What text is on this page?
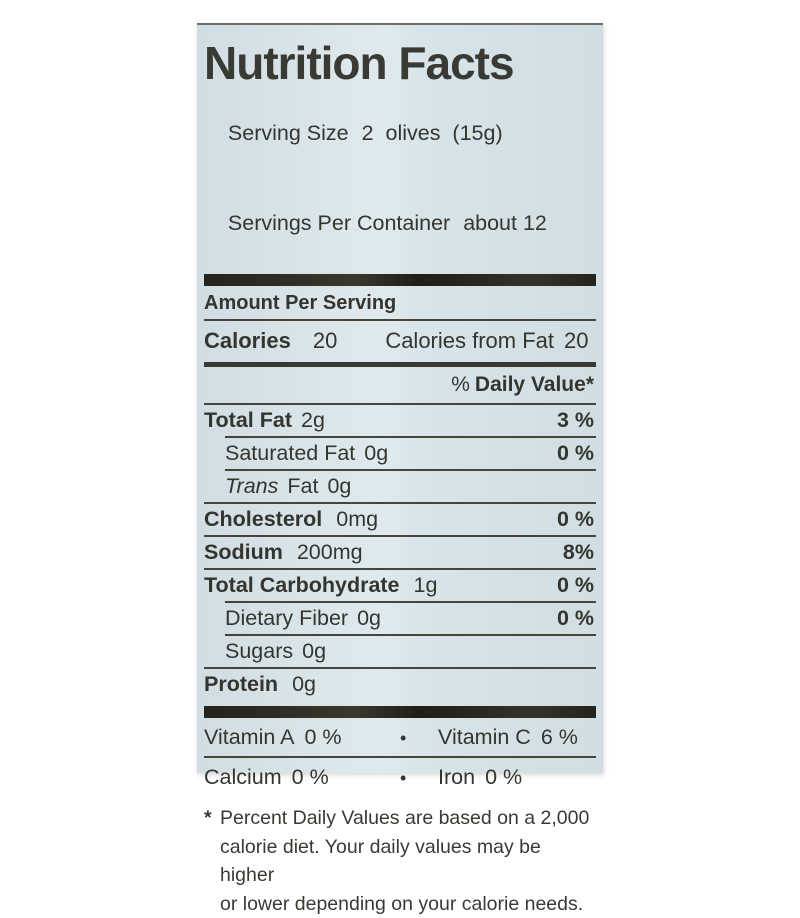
Nutrition Facts

Serving Size 2  olives  (15g)

Servings Per Container about 12

Amount Per Serving
Calories 20 Calories from Fat 20
% Daily Value*
Total Fat 2g	3 %
Saturated Fat 0g	0 %
Trans Fat 0g
Cholesterol 0mg	0 %
Sodium 200mg	8%
Total Carbohydrate 1g	0 %
Dietary Fiber 0g	0 %
Sugars 0g
Protein 0g
Vitamin A 0 %	•	Vitamin C 6 %
Calcium 0 %	•	Iron 0 %
* Percent Daily Values are based on a 2,000
calorie diet. Your daily values may be higher
or lower depending on your calorie needs.
